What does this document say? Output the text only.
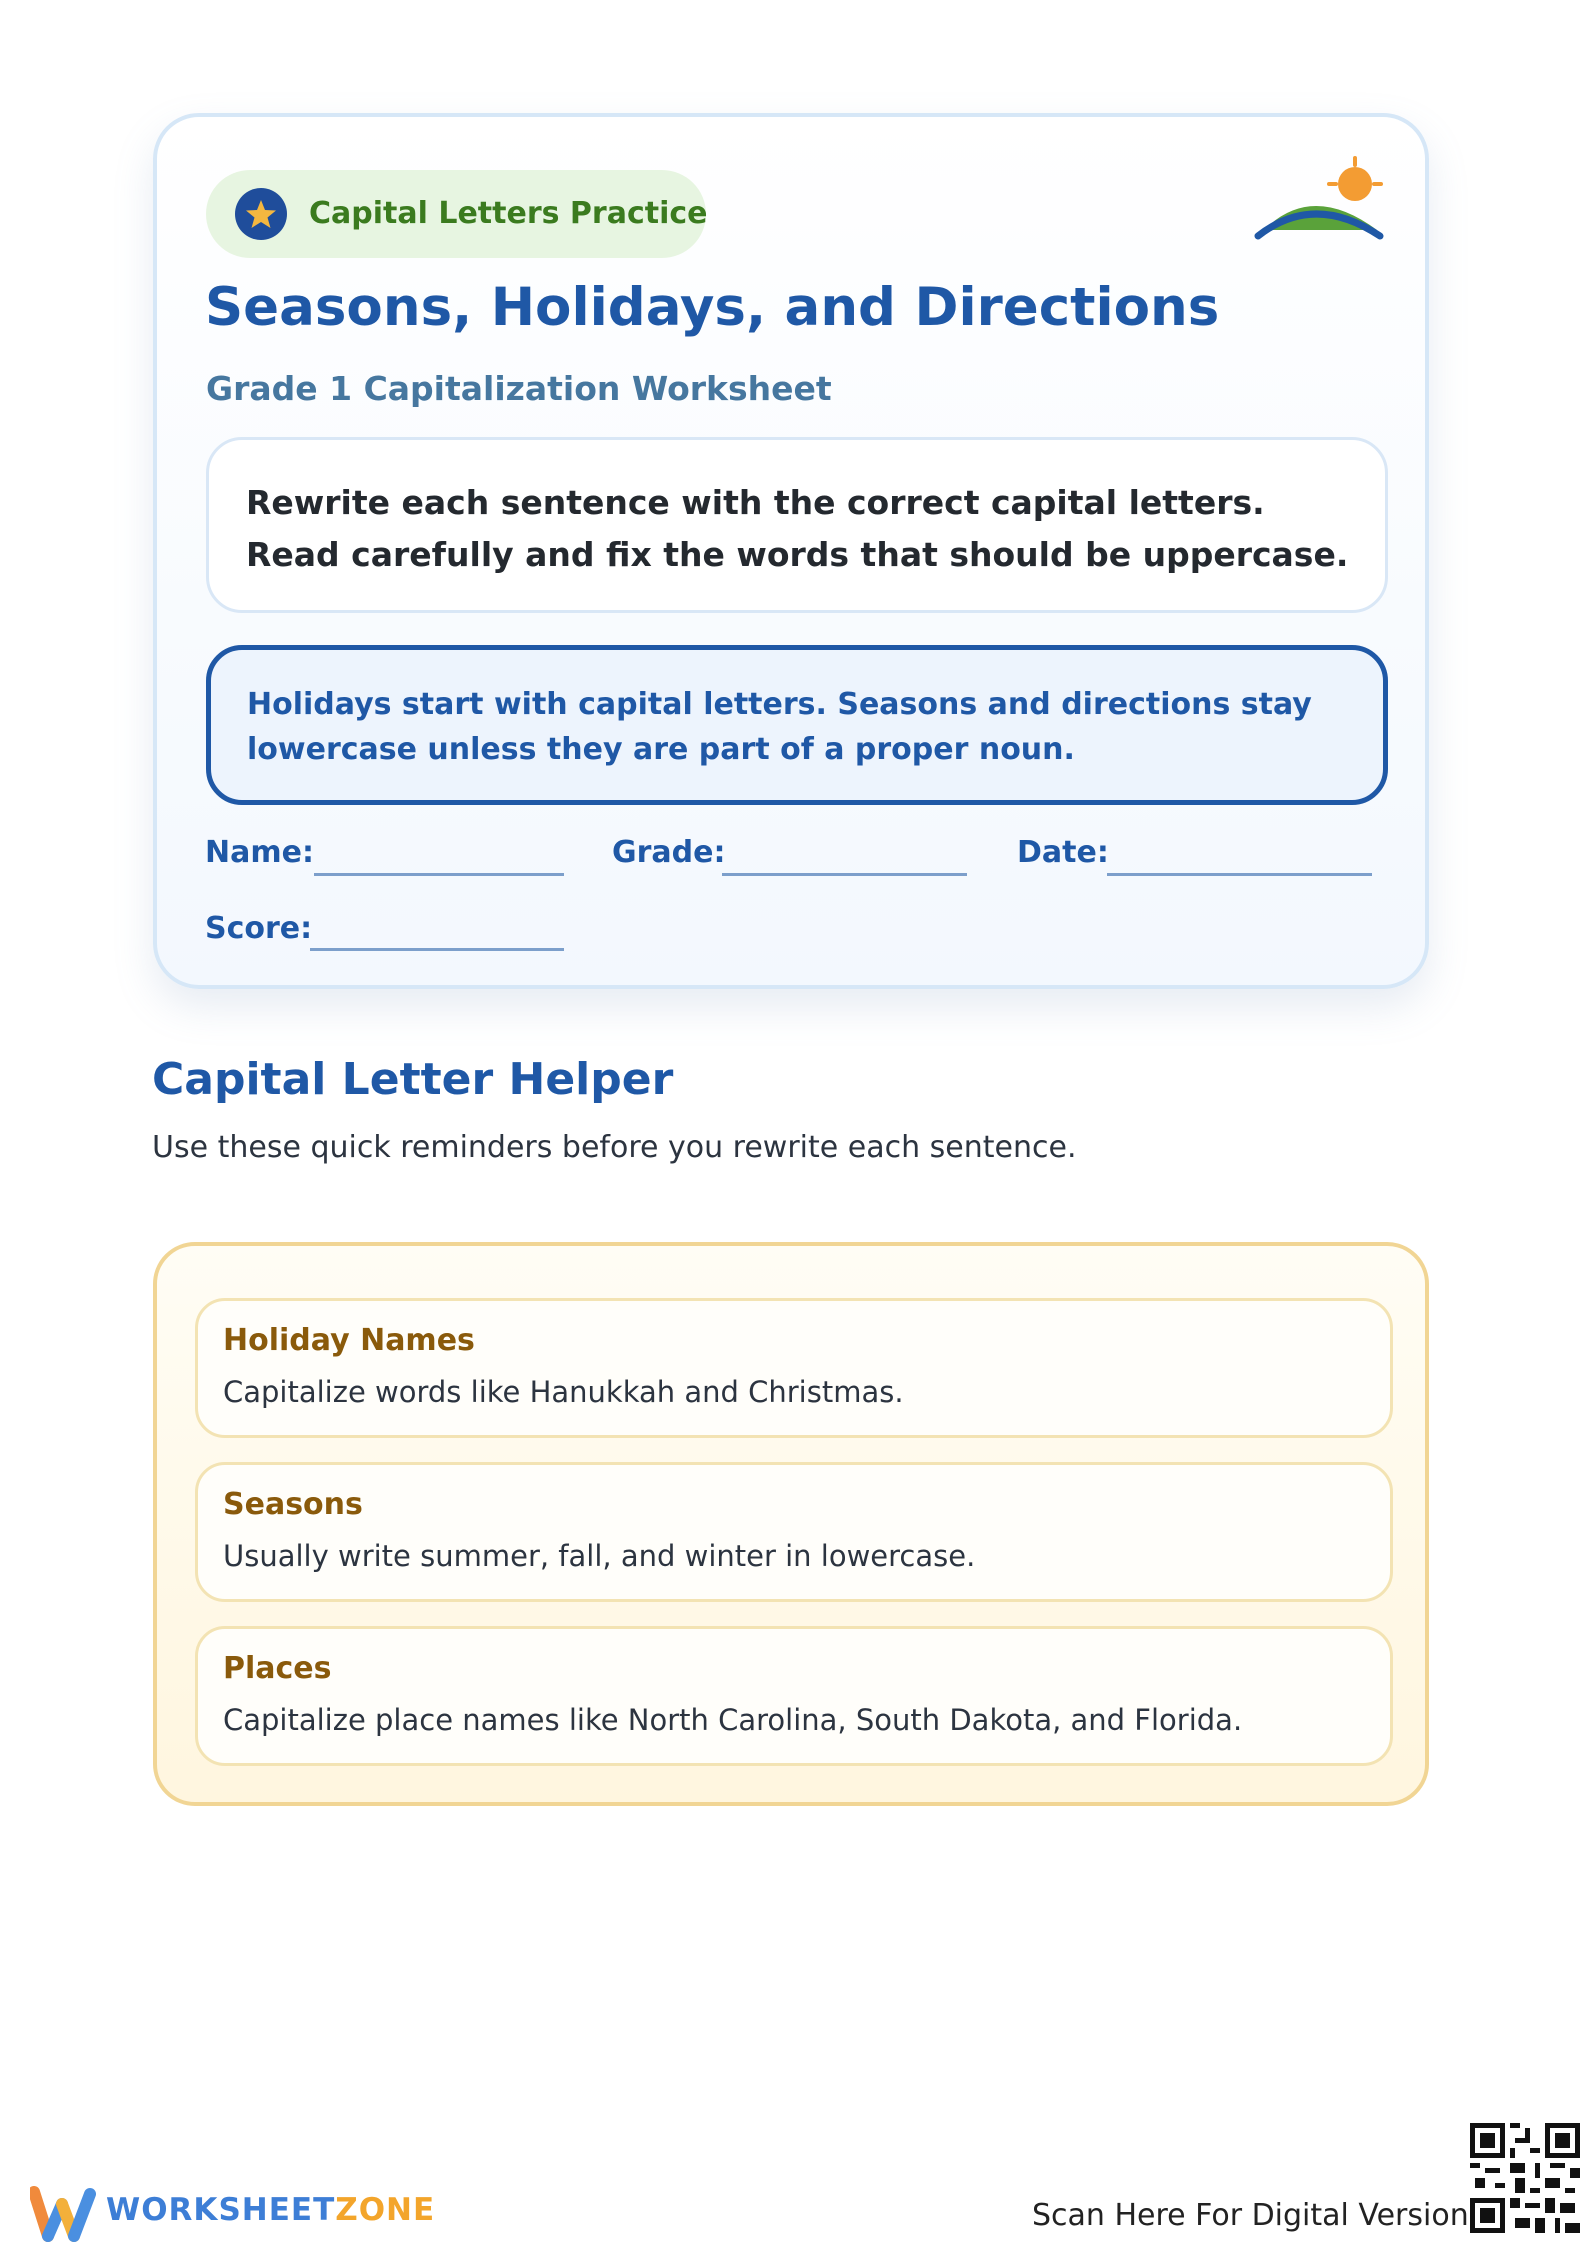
Capital Letters Practice
Seasons, Holidays, and Directions
Grade 1 Capitalization Worksheet
Rewrite each sentence with the correct capital letters. Read carefully and fix the words that should be uppercase.
Holidays start with capital letters. Seasons and directions stay lowercase unless they are part of a proper noun.
Name:	Grade:	Date:
Score:
Capital Letter Helper
Use these quick reminders before you rewrite each sentence.
Holiday Names
Capitalize words like Hanukkah and Christmas.
Seasons
Usually write summer, fall, and winter in lowercase.
Places
Capitalize place names like North Carolina, South Dakota, and Florida.
WORKSHEETZONE	Scan Here For Digital Version
